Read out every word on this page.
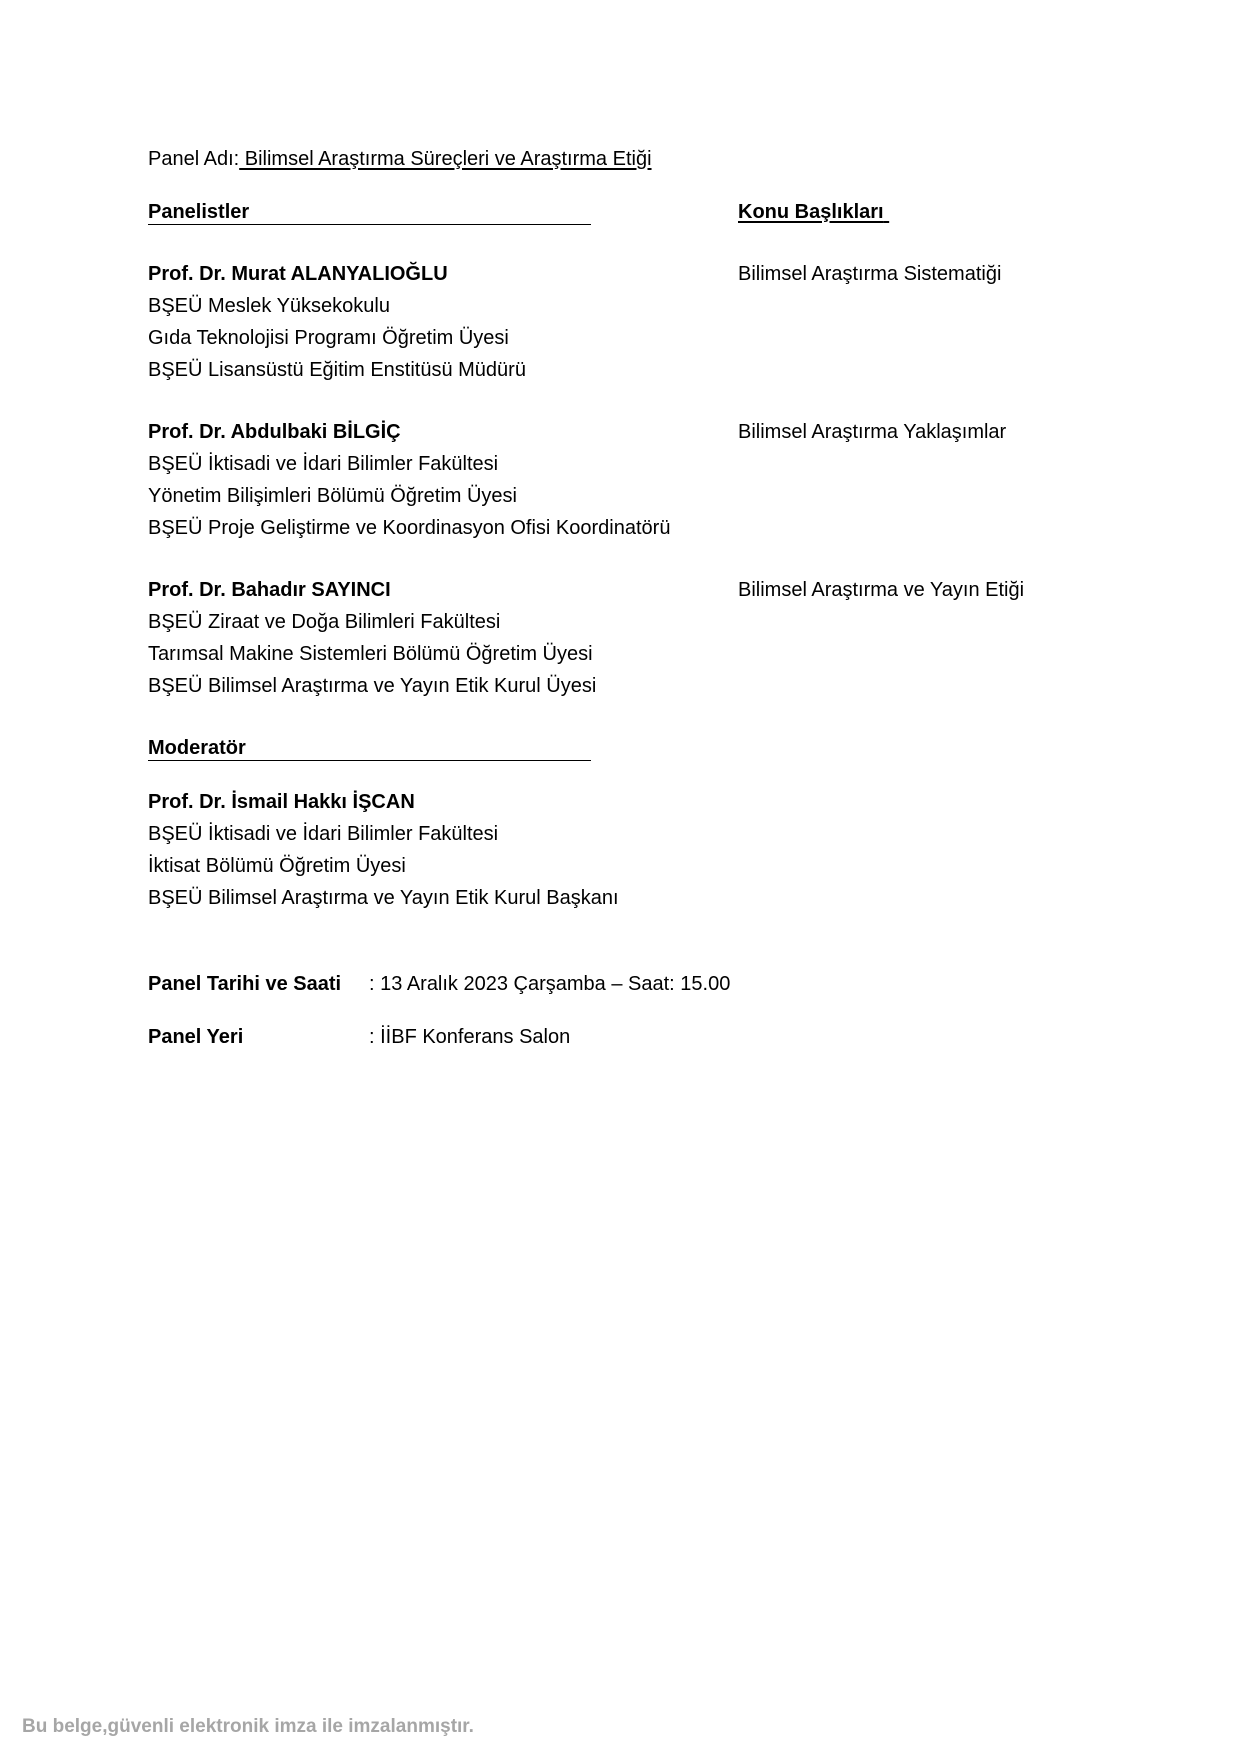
Panel Adı: Bilimsel Araştırma Süreçleri ve Araştırma Etiği
Panelistler	Konu Başlıkları
Prof. Dr. Murat ALANYALIOĞLU
BŞEÜ Meslek Yüksekokulu
Gıda Teknolojisi Programı Öğretim Üyesi
BŞEÜ Lisansüstü Eğitim Enstitüsü Müdürü
Bilimsel Araştırma Sistematiği
Prof. Dr. Abdulbaki BİLGİÇ
BŞEÜ İktisadi ve İdari Bilimler Fakültesi
Yönetim Bilişimleri Bölümü Öğretim Üyesi
BŞEÜ Proje Geliştirme ve Koordinasyon Ofisi Koordinatörü
Bilimsel Araştırma Yaklaşımlar
Prof. Dr. Bahadır SAYINCI
BŞEÜ Ziraat ve Doğa Bilimleri Fakültesi
Tarımsal Makine Sistemleri Bölümü Öğretim Üyesi
BŞEÜ Bilimsel Araştırma ve Yayın Etik Kurul Üyesi
Bilimsel Araştırma ve Yayın Etiği
Moderatör
Prof. Dr. İsmail Hakkı İŞCAN
BŞEÜ İktisadi ve İdari Bilimler Fakültesi
İktisat Bölümü Öğretim Üyesi
BŞEÜ Bilimsel Araştırma ve Yayın Etik Kurul Başkanı
Panel Tarihi ve Saati : 13 Aralık 2023 Çarşamba – Saat: 15.00
Panel Yeri	: İİBF Konferans Salon
Bu belge,güvenli elektronik imza ile imzalanmıştır.
